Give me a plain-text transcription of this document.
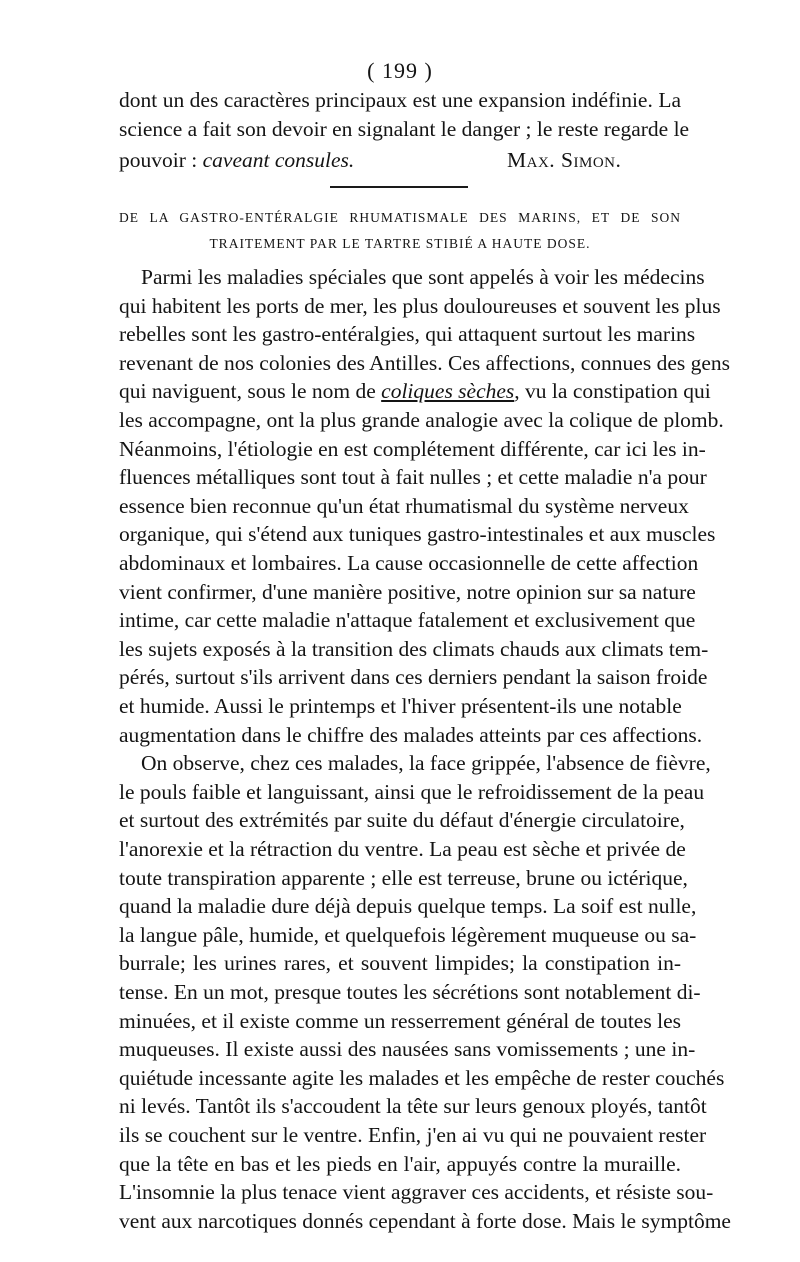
( 199 )
dont un des caractères principaux est une expansion indéfinie. La
science a fait son devoir en signalant le danger ; le reste regarde le
pouvoir : caveant consules.	Max. Simon.
DE LA GASTRO-ENTÉRALGIE RHUMATISMALE DES MARINS, ET DE SON
TRAITEMENT PAR LE TARTRE STIBIÉ A HAUTE DOSE.
Parmi les maladies spéciales que sont appelés à voir les médecins
qui habitent les ports de mer, les plus douloureuses et souvent les plus
rebelles sont les gastro-entéralgies, qui attaquent surtout les marins
revenant de nos colonies des Antilles. Ces affections, connues des gens
qui naviguent, sous le nom de coliques sèches, vu la constipation qui
les accompagne, ont la plus grande analogie avec la colique de plomb.
Néanmoins, l'étiologie en est complétement différente, car ici les in-
fluences métalliques sont tout à fait nulles ; et cette maladie n'a pour
essence bien reconnue qu'un état rhumatismal du système nerveux
organique, qui s'étend aux tuniques gastro-intestinales et aux muscles
abdominaux et lombaires. La cause occasionnelle de cette affection
vient confirmer, d'une manière positive, notre opinion sur sa nature
intime, car cette maladie n'attaque fatalement et exclusivement que
les sujets exposés à la transition des climats chauds aux climats tem-
pérés, surtout s'ils arrivent dans ces derniers pendant la saison froide
et humide. Aussi le printemps et l'hiver présentent-ils une notable
augmentation dans le chiffre des malades atteints par ces affections.
On observe, chez ces malades, la face grippée, l'absence de fièvre,
le pouls faible et languissant, ainsi que le refroidissement de la peau
et surtout des extrémités par suite du défaut d'énergie circulatoire,
l'anorexie et la rétraction du ventre. La peau est sèche et privée de
toute transpiration apparente ; elle est terreuse, brune ou ictérique,
quand la maladie dure déjà depuis quelque temps. La soif est nulle,
la langue pâle, humide, et quelquefois légèrement muqueuse ou sa-
burrale; les urines rares, et souvent limpides; la constipation in-
tense. En un mot, presque toutes les sécrétions sont notablement di-
minuées, et il existe comme un resserrement général de toutes les
muqueuses. Il existe aussi des nausées sans vomissements ; une in-
quiétude incessante agite les malades et les empêche de rester couchés
ni levés. Tantôt ils s'accoudent la tête sur leurs genoux ployés, tantôt
ils se couchent sur le ventre. Enfin, j'en ai vu qui ne pouvaient rester
que la tête en bas et les pieds en l'air, appuyés contre la muraille.
L'insomnie la plus tenace vient aggraver ces accidents, et résiste sou-
vent aux narcotiques donnés cependant à forte dose. Mais le symptôme
